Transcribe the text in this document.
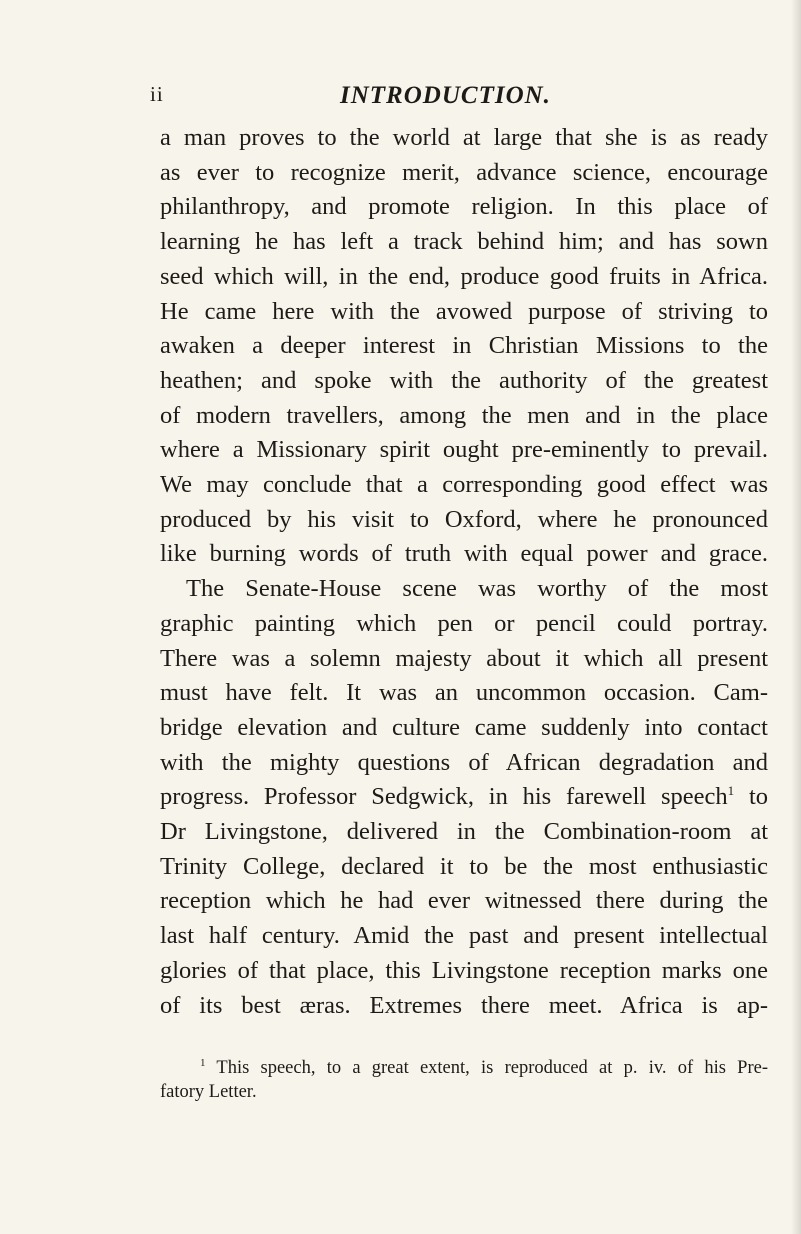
ii	INTRODUCTION.
a man proves to the world at large that she is as ready
as ever to recognize merit, advance science, encourage
philanthropy, and promote religion. In this place of
learning he has left a track behind him; and has sown
seed which will, in the end, produce good fruits in Africa.
He came here with the avowed purpose of striving to
awaken a deeper interest in Christian Missions to the
heathen; and spoke with the authority of the greatest
of modern travellers, among the men and in the place
where a Missionary spirit ought pre-eminently to prevail.
We may conclude that a corresponding good effect was
produced by his visit to Oxford, where he pronounced
like burning words of truth with equal power and grace.
The Senate-House scene was worthy of the most
graphic painting which pen or pencil could portray.
There was a solemn majesty about it which all present
must have felt. It was an uncommon occasion. Cam-
bridge elevation and culture came suddenly into contact
with the mighty questions of African degradation and
progress. Professor Sedgwick, in his farewell speech$^1$ to
Dr Livingstone, delivered in the Combination-room at
Trinity College, declared it to be the most enthusiastic
reception which he had ever witnessed there during the
last half century. Amid the past and present intellectual
glories of that place, this Livingstone reception marks one
of its best æras. Extremes there meet. Africa is ap-
$^1$ This speech, to a great extent, is reproduced at p. iv. of his Pre-
fatory Letter.
